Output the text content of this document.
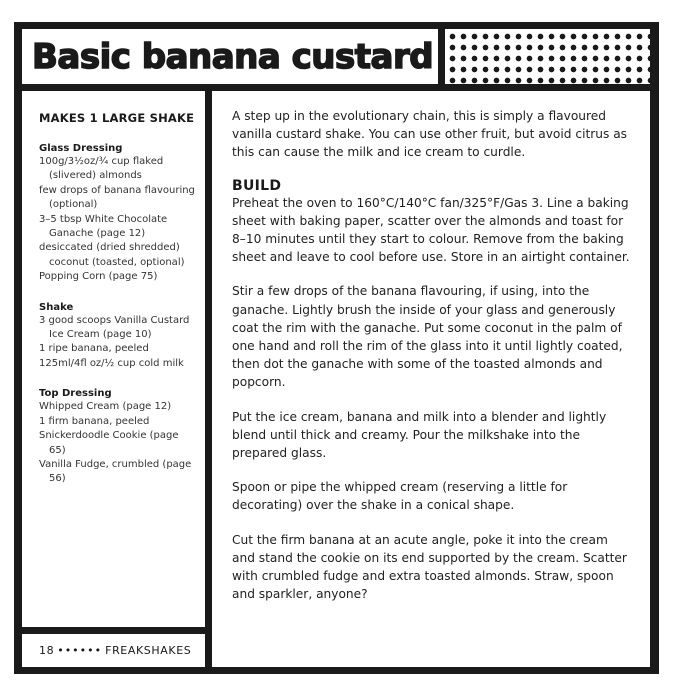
Basic banana custard
MAKES 1 LARGE SHAKE
Glass Dressing

100g/3½oz/¾ cup flaked (slivered) almonds

few drops of banana flavouring (optional)

3–5 tbsp White Chocolate Ganache (page 12)

desiccated (dried shredded) coconut (toasted, optional)

Popping Corn (page 75)

Shake

3 good scoops Vanilla Custard Ice Cream (page 10)

1 ripe banana, peeled

125ml/4fl oz/½ cup cold milk

Top Dressing

Whipped Cream (page 12)

1 firm banana, peeled

Snickerdoodle Cookie (page 65)

Vanilla Fudge, crumbled (page 56)

18 •••••• FREAKSHAKES

A step up in the evolutionary chain, this is simply a flavoured vanilla custard shake. You can use other fruit, but avoid citrus as this can cause the milk and ice cream to curdle.

BUILD

Preheat the oven to 160°C/140°C fan/325°F/Gas 3. Line a baking sheet with baking paper, scatter over the almonds and toast for 8–10 minutes until they start to colour. Remove from the baking sheet and leave to cool before use. Store in an airtight container.

Stir a few drops of the banana flavouring, if using, into the ganache. Lightly brush the inside of your glass and generously coat the rim with the ganache. Put some coconut in the palm of one hand and roll the rim of the glass into it until lightly coated, then dot the ganache with some of the toasted almonds and popcorn.

Put the ice cream, banana and milk into a blender and lightly blend until thick and creamy. Pour the milkshake into the prepared glass.

Spoon or pipe the whipped cream (reserving a little for decorating) over the shake in a conical shape.

Cut the firm banana at an acute angle, poke it into the cream and stand the cookie on its end supported by the cream. Scatter with crumbled fudge and extra toasted almonds. Straw, spoon and sparkler, anyone?
